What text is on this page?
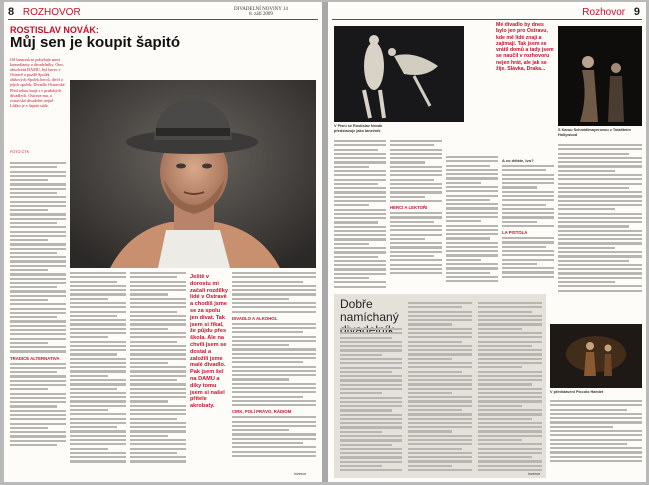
8 ROZHOVOR	DIVADELNÍ NOVINY 14
8. září 2009
ROSTISLAV NOVÁK:
Můj sen je koupit šapitó
Od šansonů se pohybuje mezi komedianty a divadelníky. Otec, absolvent DAMU, byl herec v Ostravě a pozdě Spolek ohňových Spolek herců, dívčí a jejich spolek, Divadlo Ostravské. Před sebou hraje i v pražských divadlech. Ostrava mu, a ostravské divadelní stejně. Lůžko je v šapitó stále.
FOTO ČTK
TRADICE ALTERNATIVA
Ještě v dorostu mi začali rozdílky lidé v Ostravě a chodíš jsme se za spolu jen dívat. Tak jsem si říkal, že půjdu přes škola. Ale na chvíli jsem se dostal a založili jsme malé divadlo. Pak jsem šel na DAMU a díky tomu jsem si našel přítele akrobaty.
DIVADLO A ALKOHOL
CIRK, POLÍ PRÁVO, RÁDIOM
inzerce
Rozhovor 9
Mé divadlo by dnes bylo jen pro Ostravu, kde mě lidé znají a zajímají. Tak jsem se vrátil domů a tady jsem se naučil v rozhovoru nejen hrát, ale jak se žije. Slávka, Draka...
V Pisni se Rostislav Novák představuje jako tanečník	S Karou Schmidlmayerovou v Totalitním Hollywood
HERCI A LEKTOŘI
A co děláte, Ivo?
LA PISTOLA
Dobře namíchaný
V představení Piccolo Hamlet
inzerce
